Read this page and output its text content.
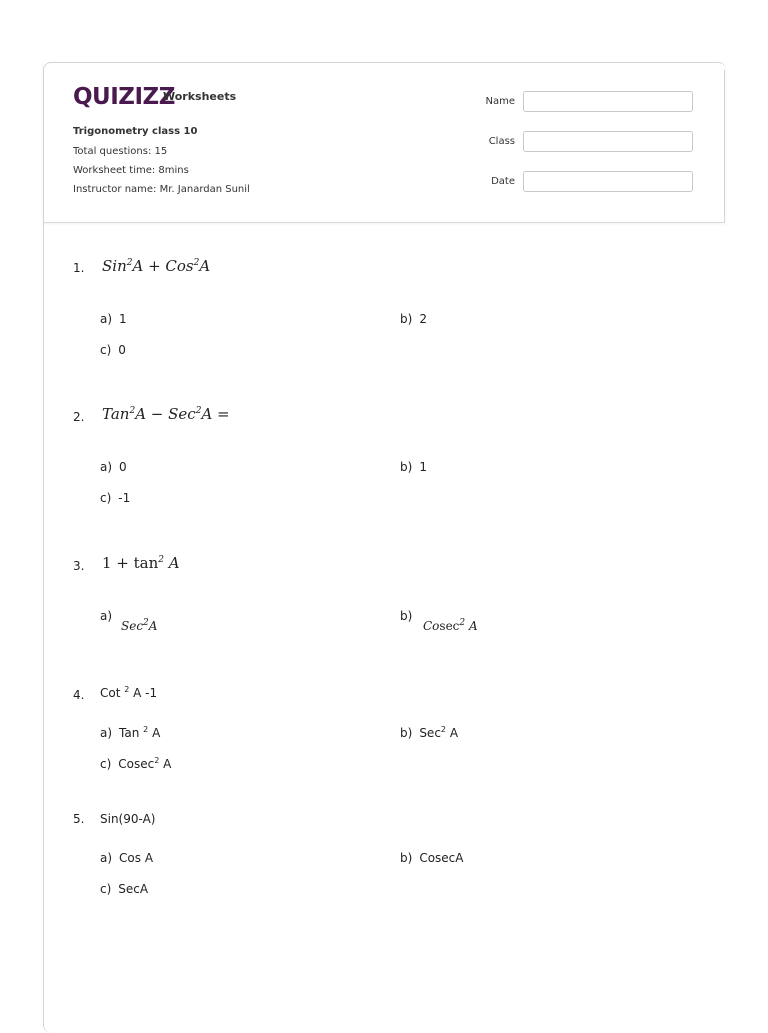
QUIZIZZ
Worksheets
Trigonometry class 10
Total questions: 15
Worksheet time: 8mins
Instructor name: Mr. Janardan Sunil
Name
Class
Date
1. Sin$^2$A + Cos$^2$A
a) 1	b) 2
c) 0
2. Tan$^2$A − Sec$^2$A =
a) 0	b) 1
c) -1
3. $1 + \tan^2 A$
a)
Sec$^2$A
b)
Cosec$^2$ A
4. Cot $^2$ A -1
a) Tan $^2$ A	b) Sec$^2$ A
c) Cosec$^2$ A
5. Sin(90-A)
a) Cos A	b) CosecA
c) SecA
